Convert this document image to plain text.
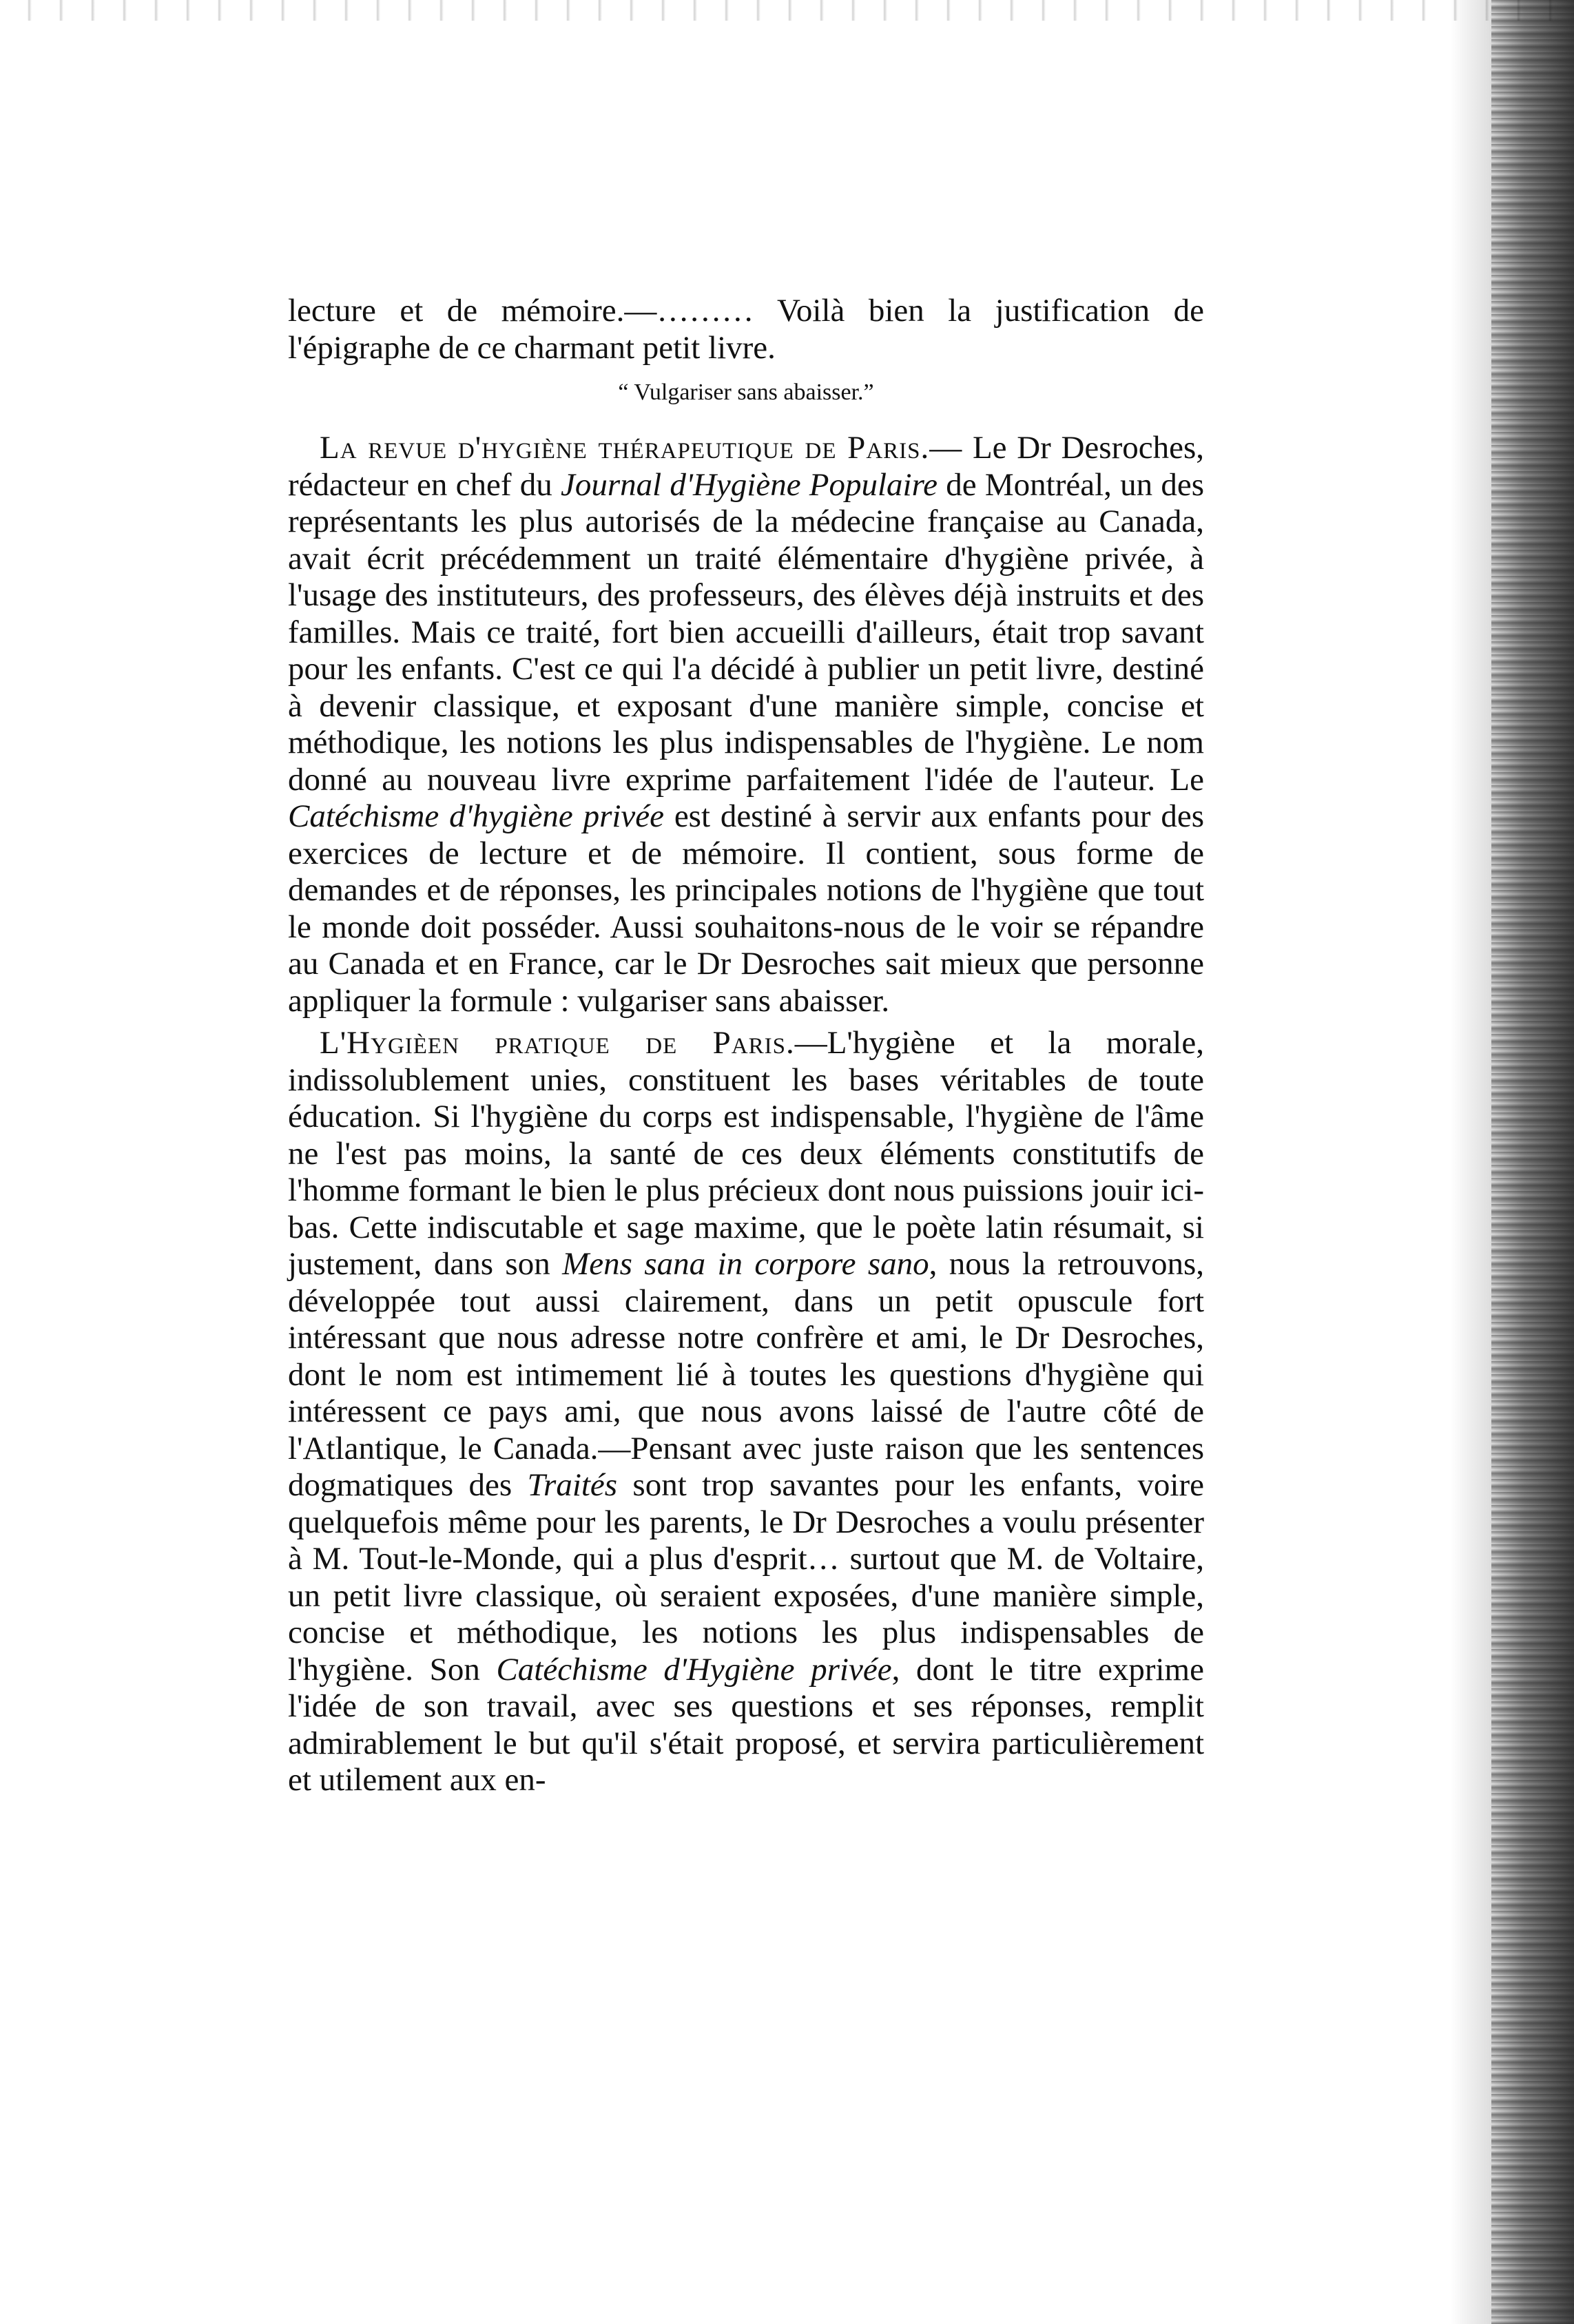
lecture et de mémoire.—……… Voilà bien la justification de l'épigraphe de ce charmant petit livre.

“ Vulgariser sans abaisser.”

La revue d'hygiène thérapeutique de Paris.— Le Dr Desroches, rédacteur en chef du Journal d'Hygiène Populaire de Montréal, un des représentants les plus autorisés de la médecine française au Canada, avait écrit précédemment un traité élémentaire d'hygiène privée, à l'usage des instituteurs, des professeurs, des élèves déjà instruits et des familles. Mais ce traité, fort bien accueilli d'ailleurs, était trop savant pour les enfants. C'est ce qui l'a décidé à publier un petit livre, destiné à devenir classique, et exposant d'une manière simple, concise et méthodique, les notions les plus indispensables de l'hygiène. Le nom donné au nouveau livre exprime parfaitement l'idée de l'auteur. Le Catéchisme d'hygiène privée est destiné à servir aux enfants pour des exercices de lecture et de mémoire. Il contient, sous forme de demandes et de réponses, les principales notions de l'hygiène que tout le monde doit posséder. Aussi souhaitons-nous de le voir se répandre au Canada et en France, car le Dr Desroches sait mieux que personne appliquer la formule : vulgariser sans abaisser.

L'Hygièen pratique de Paris.—L'hygiène et la morale, indissolublement unies, constituent les bases véritables de toute éducation. Si l'hygiène du corps est indispensable, l'hygiène de l'âme ne l'est pas moins, la santé de ces deux éléments constitutifs de l'homme formant le bien le plus précieux dont nous puissions jouir ici-bas. Cette indiscutable et sage maxime, que le poète latin résumait, si justement, dans son Mens sana in corpore sano, nous la retrouvons, développée tout aussi clairement, dans un petit opuscule fort intéressant que nous adresse notre confrère et ami, le Dr Desroches, dont le nom est intimement lié à toutes les questions d'hygiène qui intéressent ce pays ami, que nous avons laissé de l'autre côté de l'Atlantique, le Canada.—Pensant avec juste raison que les sentences dogmatiques des Traités sont trop savantes pour les enfants, voire quelquefois même pour les parents, le Dr Desroches a voulu présenter à M. Tout-le-Monde, qui a plus d'esprit… surtout que M. de Voltaire, un petit livre classique, où seraient exposées, d'une manière simple, concise et méthodique, les notions les plus indispensables de l'hygiène. Son Catéchisme d'Hygiène privée, dont le titre exprime l'idée de son travail, avec ses questions et ses réponses, remplit admirablement le but qu'il s'était proposé, et servira particulièrement et utilement aux en-
